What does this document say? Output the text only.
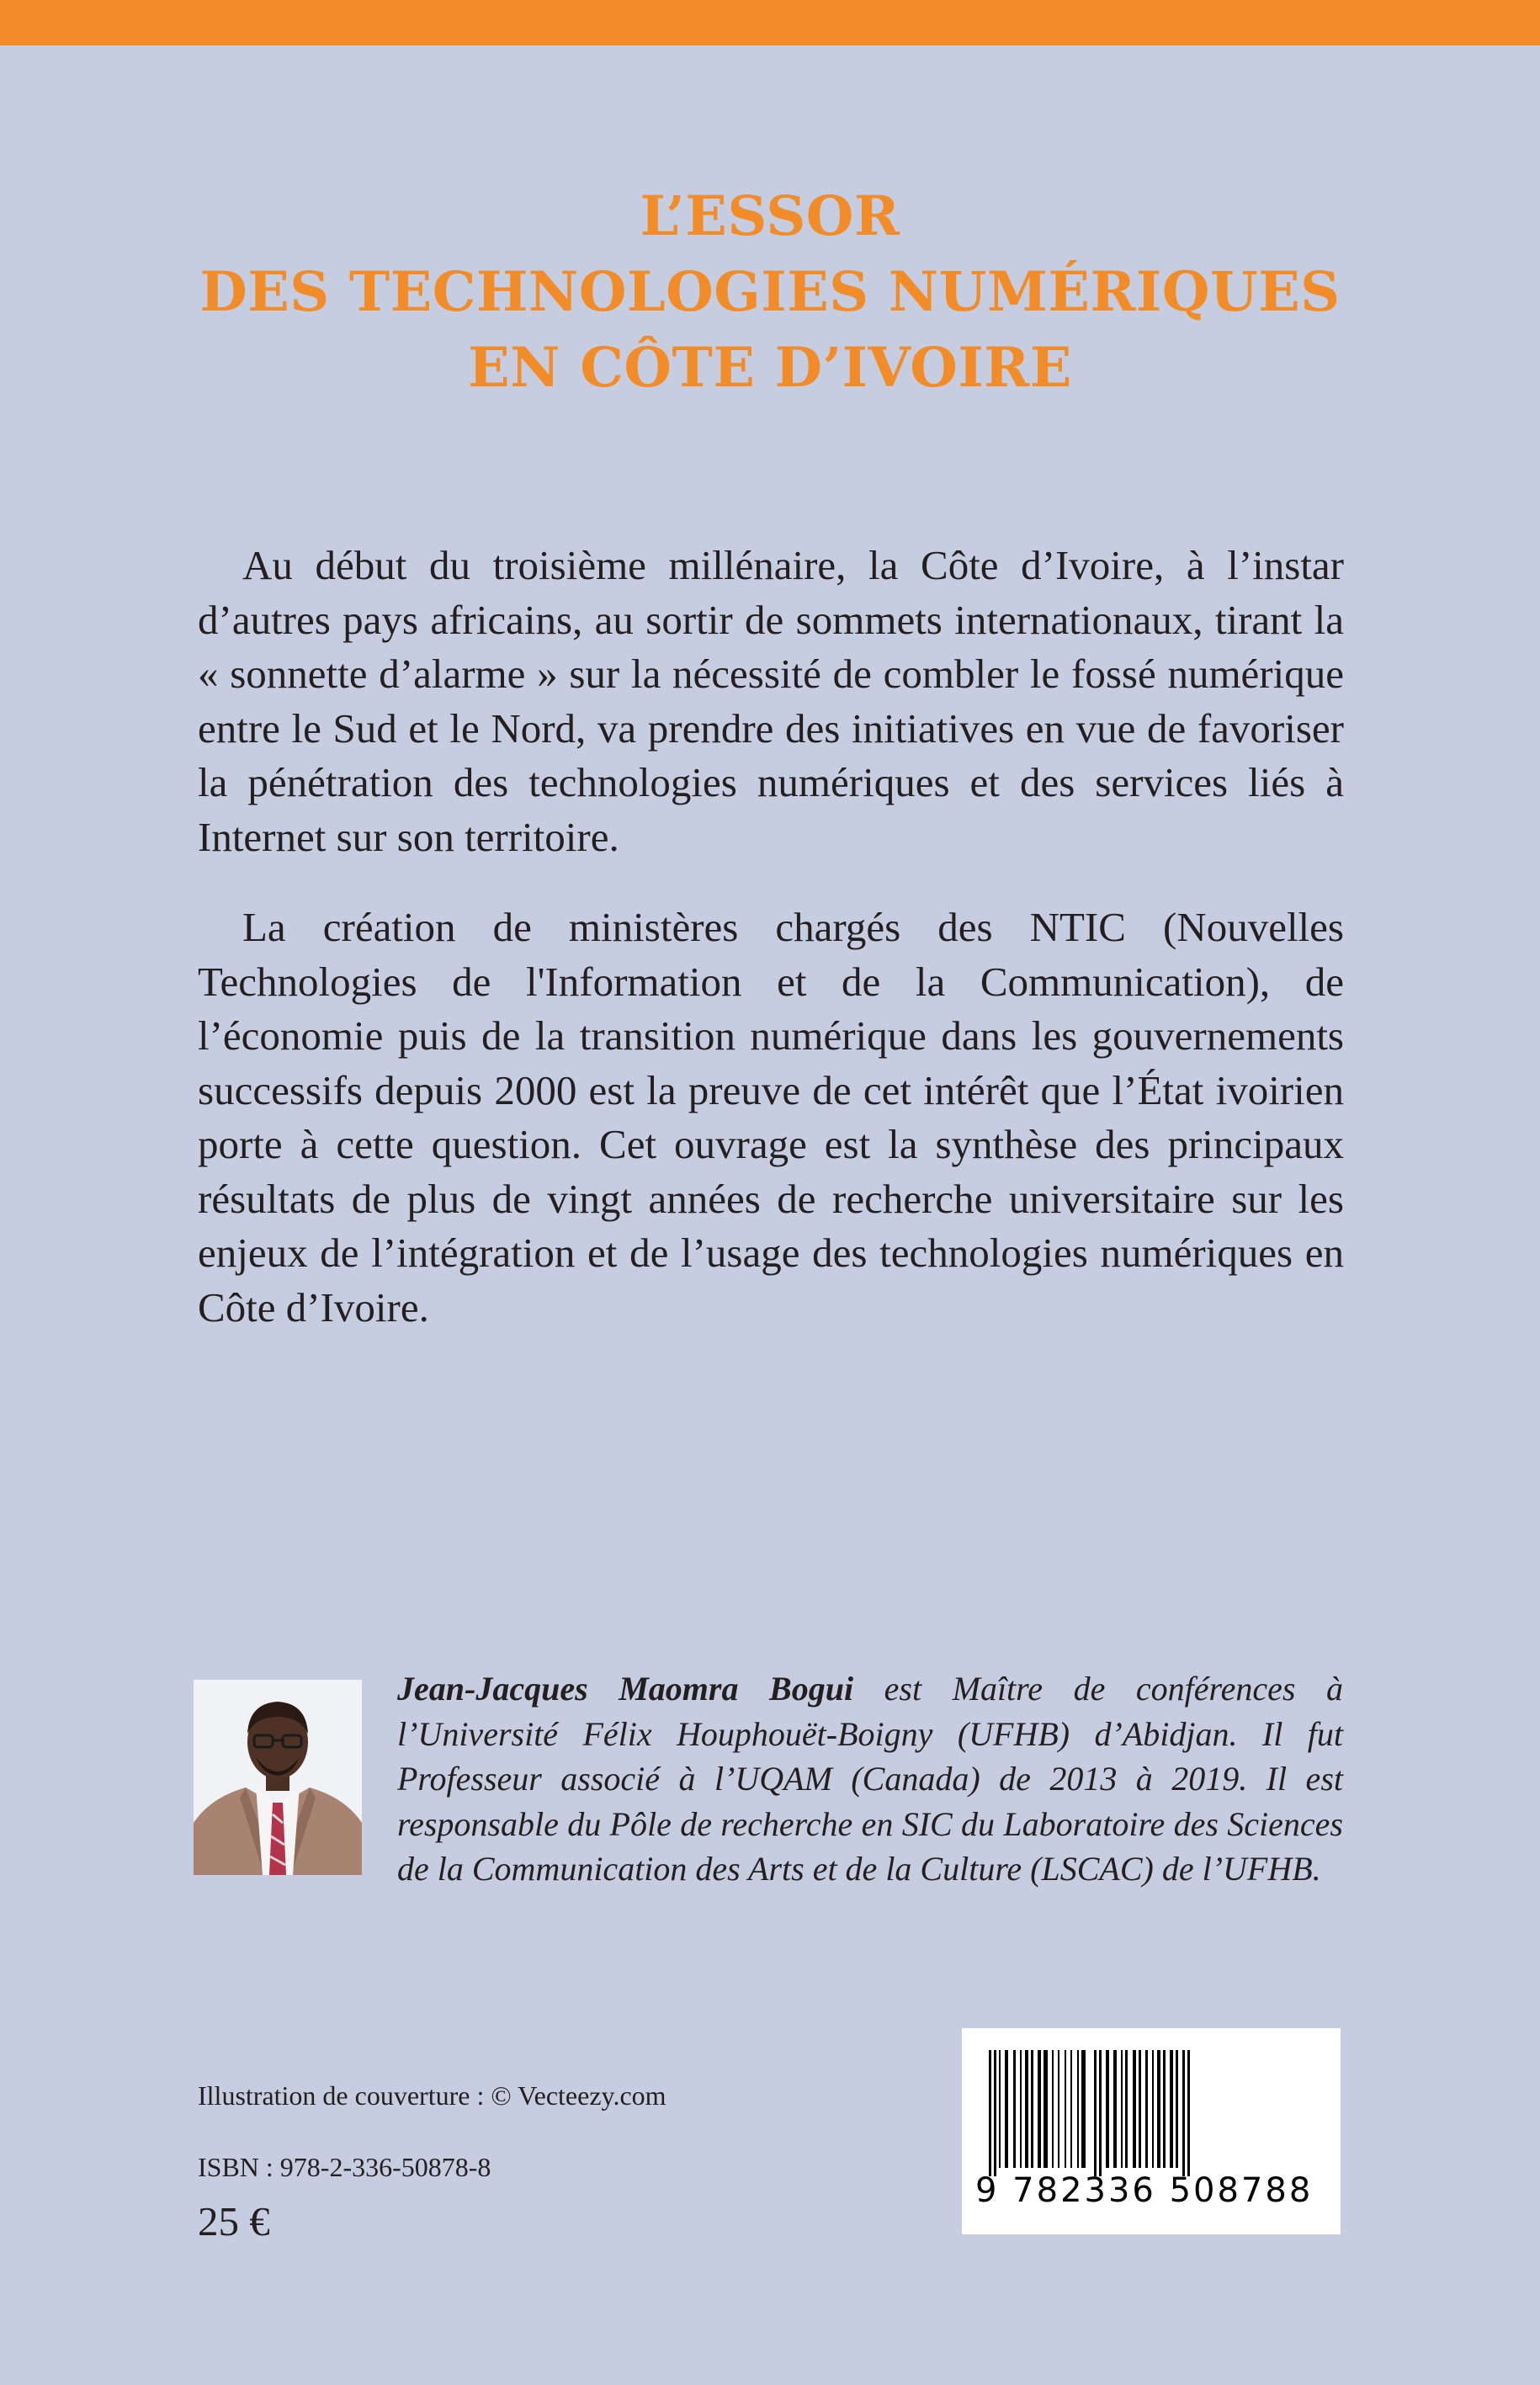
L’ESSOR
DES TECHNOLOGIES NUMÉRIQUES
EN CÔTE D’IVOIRE

Au début du troisième millénaire, la Côte d’Ivoire, à l’instar d’autres pays africains, au sortir de sommets internationaux, tirant la « sonnette d’alarme » sur la nécessité de combler le fossé numérique entre le Sud et le Nord, va prendre des initiatives en vue de favoriser la pénétration des technologies numériques et des services liés à Internet sur son territoire.

La création de ministères chargés des NTIC (Nouvelles Technologies de l'Information et de la Communication), de l’économie puis de la transition numérique dans les gouvernements successifs depuis 2000 est la preuve de cet intérêt que l’État ivoirien porte à cette question. Cet ouvrage est la synthèse des principaux résultats de plus de vingt années de recherche universitaire sur les enjeux de l’intégration et de l’usage des technologies numériques en Côte d’Ivoire.

Jean-Jacques Maomra Bogui est Maître de conférences à l’Université Félix Houphouët-Boigny (UFHB) d’Abidjan. Il fut Professeur associé à l’UQAM (Canada) de 2013 à 2019. Il est responsable du Pôle de recherche en SIC du Laboratoire des Sciences de la Communication des Arts et de la Culture (LSCAC) de l’UFHB.
Illustration de couverture : © Vecteezy.com
ISBN : 978-2-336-50878-8
25 €
9 782336 508788
